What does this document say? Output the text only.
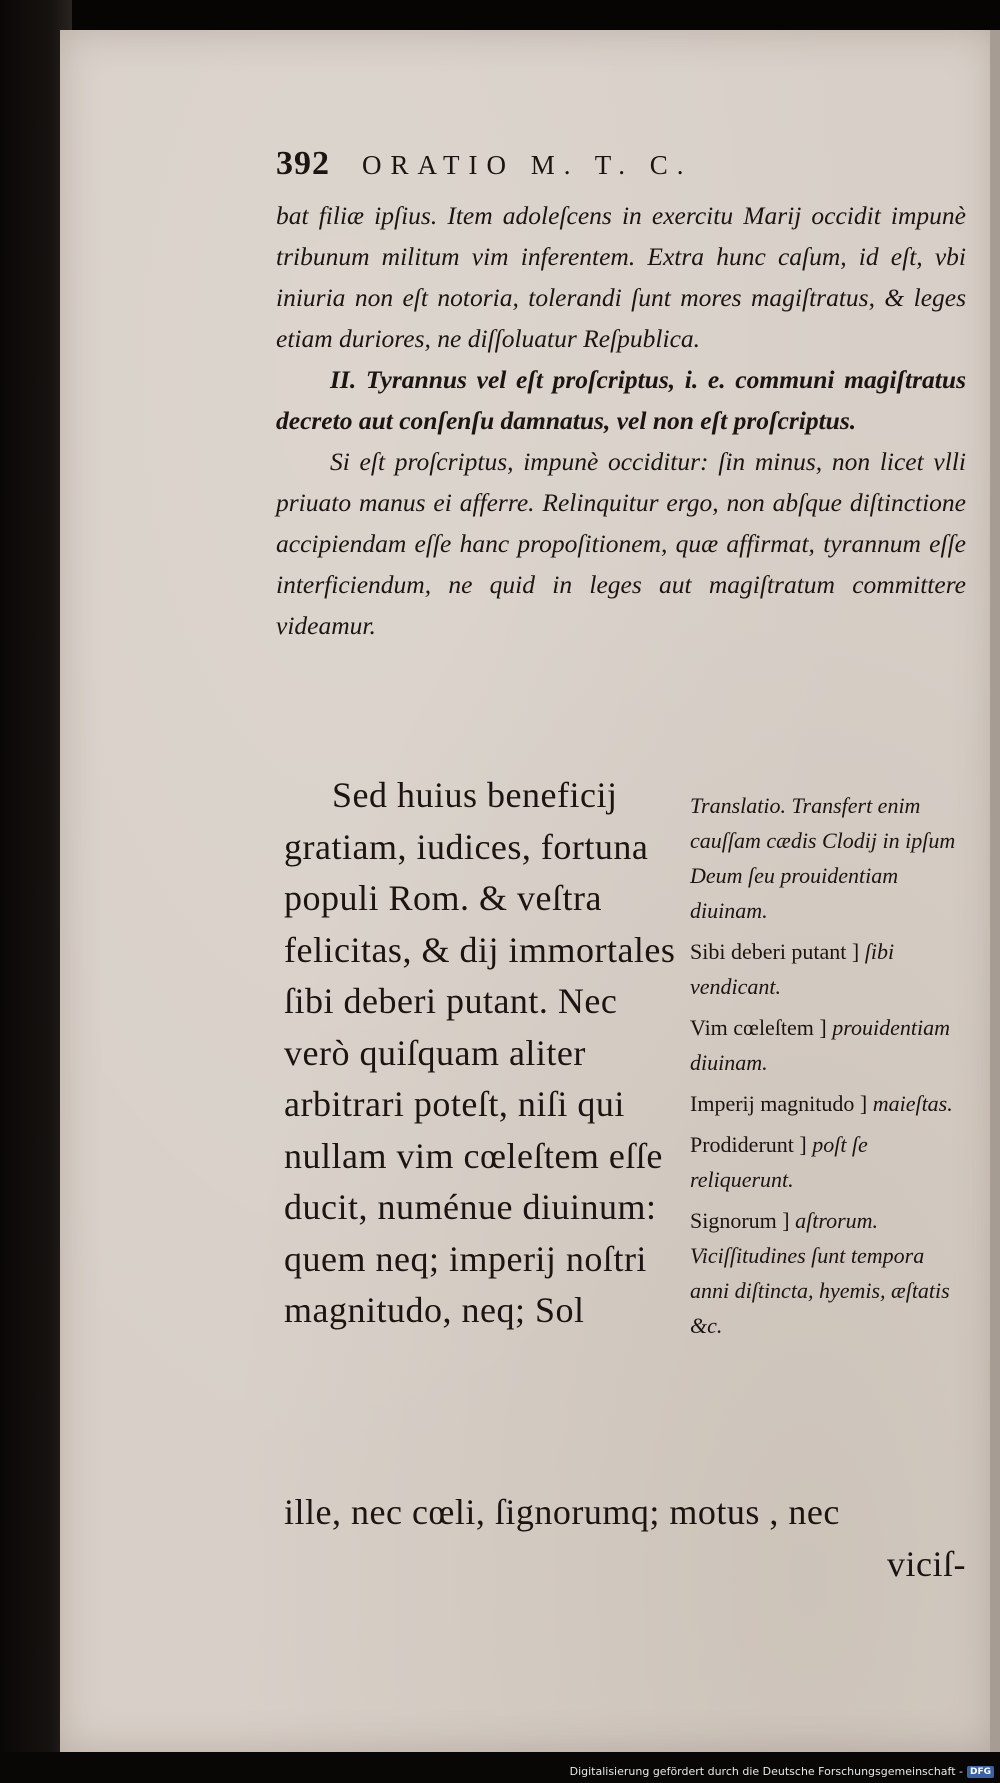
392 ORATIO M. T. C.

bat filiæ ipſius. Item adoleſcens in exercitu Marij occidit impunè tribunum militum vim inferentem. Extra hunc caſum, id eſt, vbi iniuria non eſt notoria, tolerandi ſunt mores magiſtratus, & leges etiam duriores, ne diſſoluatur Reſpublica.

II. Tyrannus vel eſt proſcriptus, i. e. communi magiſtratus decreto aut conſenſu damnatus, vel non eſt proſcriptus.

Si eſt proſcriptus, impunè occiditur: ſin minus, non licet vlli priuato manus ei afferre. Relinquitur ergo, non abſque diſtinctione accipiendam eſſe hanc propoſitionem, quæ affirmat, tyrannum eſſe interficiendum, ne quid in leges aut magiſtratum committere videamur.

Sed huius beneficij gratiam, iudices, fortuna populi Rom. & veſtra felicitas, & dij immortales ſibi deberi putant. Nec verò quiſquam aliter arbitrari poteſt, niſi qui nullam vim cœleſtem eſſe ducit, numénue diuinum: quem neq; imperij noſtri magnitudo, neq; Sol

Translatio. Transfert enim cauſſam cædis Clodij in ipſum Deum ſeu prouidentiam diuinam.

Sibi deberi putant ] ſibi vendicant.

Vim cœleſtem ] prouidentiam diuinam.

Imperij magnitudo ] maieſtas.

Prodiderunt ] poſt ſe reliquerunt.

Signorum ] aſtrorum. Viciſſitudines ſunt tempora anni diſtincta, hyemis, æſtatis &c.

ille, nec cœli, ſignorumq; motus , nec
viciſ-
Digitalisierung gefördert durch die Deutsche Forschungsgemeinschaft - DFG
